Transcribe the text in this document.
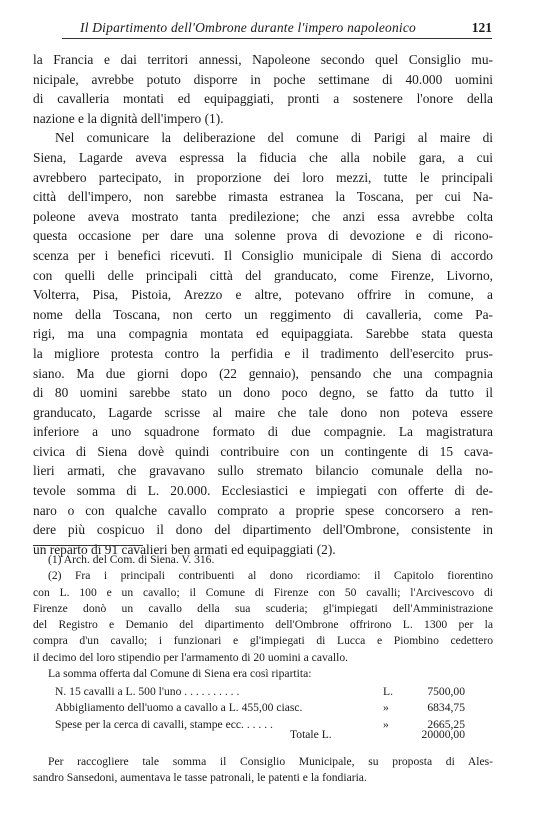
Il Dipartimento dell'Ombrone durante l'impero napoleonico	121
la Francia e dai territori annessi, Napoleone secondo quel Consiglio mu-
nicipale, avrebbe potuto disporre in poche settimane di 40.000 uomini
di cavalleria montati ed equipaggiati, pronti a sostenere l'onore della
nazione e la dignità dell'impero (1).
Nel comunicare la deliberazione del comune di Parigi al maire di
Siena, Lagarde aveva espressa la fiducia che alla nobile gara, a cui
avrebbero partecipato, in proporzione dei loro mezzi, tutte le principali
città dell'impero, non sarebbe rimasta estranea la Toscana, per cui Na-
poleone aveva mostrato tanta predilezione; che anzi essa avrebbe colta
questa occasione per dare una solenne prova di devozione e di ricono-
scenza per i benefici ricevuti. Il Consiglio municipale di Siena di accordo
con quelli delle principali città del granducato, come Firenze, Livorno,
Volterra, Pisa, Pistoia, Arezzo e altre, potevano offrire in comune, a
nome della Toscana, non certo un reggimento di cavalleria, come Pa-
rigi, ma una compagnia montata ed equipaggiata. Sarebbe stata questa
la migliore protesta contro la perfidia e il tradimento dell'esercito prus-
siano. Ma due giorni dopo (22 gennaio), pensando che una compagnia
di 80 uomini sarebbe stato un dono poco degno, se fatto da tutto il
granducato, Lagarde scrisse al maire che tale dono non poteva essere
inferiore a uno squadrone formato di due compagnie. La magistratura
civica di Siena dovè quindi contribuire con un contingente di 15 cava-
lieri armati, che gravavano sullo stremato bilancio comunale della no-
tevole somma di L. 20.000. Ecclesiastici e impiegati con offerte di de-
naro o con qualche cavallo comprato a proprie spese concorsero a ren-
dere più cospicuo il dono del dipartimento dell'Ombrone, consistente in
un reparto di 91 cavalieri ben armati ed equipaggiati (2).
(1) Arch. del Com. di Siena. V. 316.
(2) Fra i principali contribuenti al dono ricordiamo: il Capitolo fiorentino
con L. 100 e un cavallo; il Comune di Firenze con 50 cavalli; l'Arcivescovo di
Firenze donò un cavallo della sua scuderia; gl'impiegati dell'Amministrazione
del Registro e Demanio del dipartimento dell'Ombrone offrirono L. 1300 per la
compra d'un cavallo; i funzionari e gl'impiegati di Lucca e Piombino cedettero
il decimo del loro stipendio per l'armamento di 20 uomini a cavallo.
La somma offerta dal Comune di Siena era così ripartita:
N. 15 cavalli a L. 500 l'uno . . . . . . . . . .	L.	7500,00
Abbigliamento dell'uomo a cavallo a L. 455,00 ciasc.	»	6834,75
Spese per la cerca di cavalli, stampe ecc. . . . . .	»	2665,25
Totale L.	20000,00
Per raccogliere tale somma il Consiglio Municipale, su proposta di Ales-
sandro Sansedoni, aumentava le tasse patronali, le patenti e la fondiaria.
